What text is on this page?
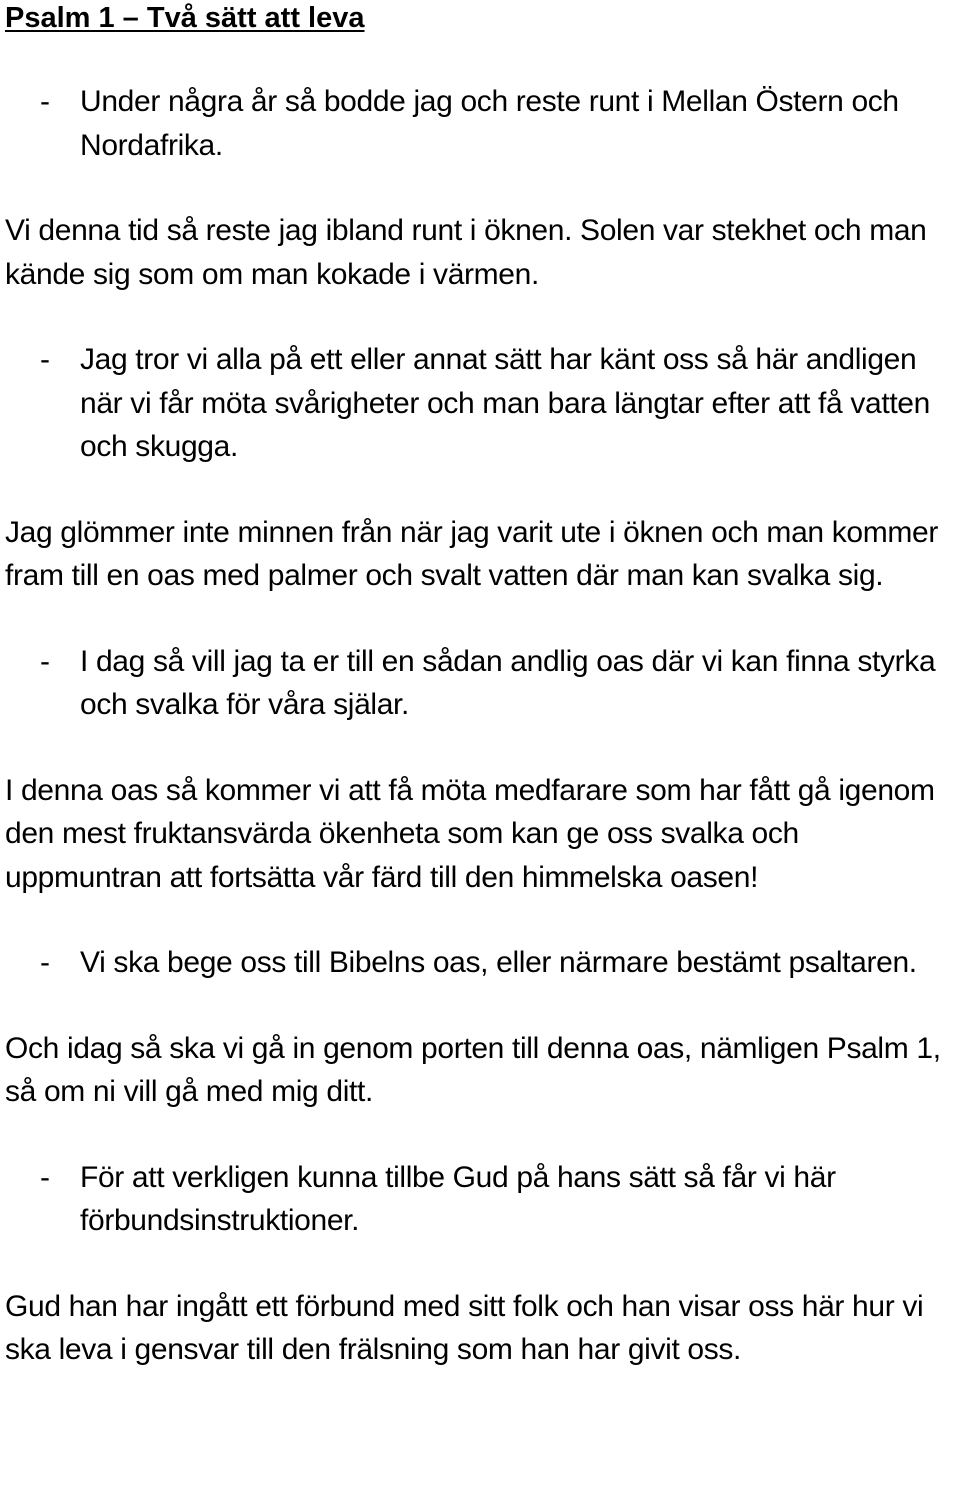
Psalm 1 – Två sätt att leva

- Under några år så bodde jag och reste runt i Mellan Östern och Nordafrika.

Vi denna tid så reste jag ibland runt i öknen. Solen var stekhet och man kände sig som om man kokade i värmen.

- Jag tror vi alla på ett eller annat sätt har känt oss så här andligen när vi får möta svårigheter och man bara längtar efter att få vatten och skugga.

Jag glömmer inte minnen från när jag varit ute i öknen och man kommer fram till en oas med palmer och svalt vatten där man kan svalka sig.

- I dag så vill jag ta er till en sådan andlig oas där vi kan finna styrka och svalka för våra själar.

I denna oas så kommer vi att få möta medfarare som har fått gå igenom den mest fruktansvärda ökenheta som kan ge oss svalka och uppmuntran att fortsätta vår färd till den himmelska oasen!

- Vi ska bege oss till Bibelns oas, eller närmare bestämt psaltaren.

Och idag så ska vi gå in genom porten till denna oas, nämligen Psalm 1, så om ni vill gå med mig ditt.

- För att verkligen kunna tillbe Gud på hans sätt så får vi här förbundsinstruktioner.

Gud han har ingått ett förbund med sitt folk och han visar oss här hur vi ska leva i gensvar till den frälsning som han har givit oss.
